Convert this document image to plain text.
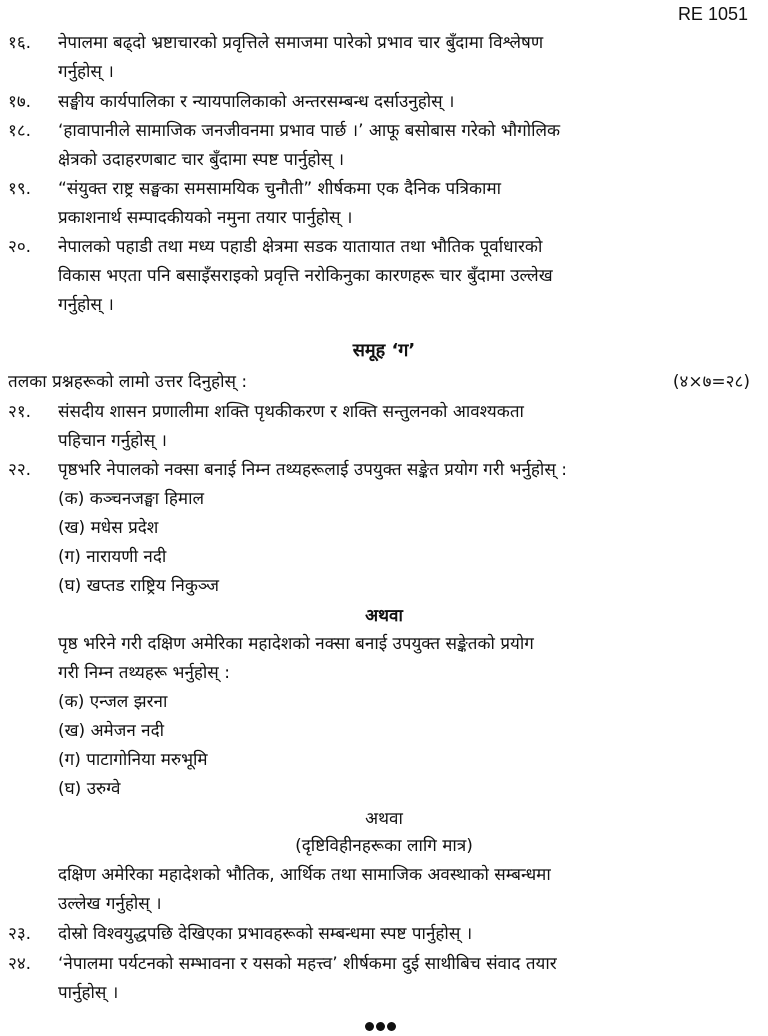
RE 1051
१६.	नेपालमा बढ्दो भ्रष्टाचारको प्रवृत्तिले समाजमा पारेको प्रभाव चार बुँदामा विश्लेषण
गर्नुहोस् ।
१७.	सङ्घीय कार्यपालिका र न्यायपालिकाको अन्तरसम्बन्ध दर्साउनुहोस् ।
१८.	‘हावापानीले सामाजिक जनजीवनमा प्रभाव पार्छ ।’ आफू बसोबास गरेको भौगोलिक
क्षेत्रको उदाहरणबाट चार बुँदामा स्पष्ट पार्नुहोस् ।
१९.	“संयुक्त राष्ट्र सङ्घका समसामयिक चुनौती” शीर्षकमा एक दैनिक पत्रिकामा
प्रकाशनार्थ सम्पादकीयको नमुना तयार पार्नुहोस् ।
२०.	नेपालको पहाडी तथा मध्य पहाडी क्षेत्रमा सडक यातायात तथा भौतिक पूर्वाधारको
विकास भएता पनि बसाइँसराइको प्रवृत्ति नरोकिनुका कारणहरू चार बुँदामा उल्लेख
गर्नुहोस् ।
समूह ‘ग’
तलका प्रश्नहरूको लामो उत्तर दिनुहोस् :	(४×७=२८)
२१.	संसदीय शासन प्रणालीमा शक्ति पृथकीकरण र शक्ति सन्तुलनको आवश्यकता
पहिचान गर्नुहोस् ।
२२.	पृष्ठभरि नेपालको नक्सा बनाई निम्न तथ्यहरूलाई उपयुक्त सङ्केत प्रयोग गरी भर्नुहोस् :
(क) कञ्चनजङ्घा हिमाल
(ख) मधेस प्रदेश
(ग) नारायणी नदी
(घ) खप्तड राष्ट्रिय निकुञ्ज
अथवा
पृष्ठ भरिने गरी दक्षिण अमेरिका महादेशको नक्सा बनाई उपयुक्त सङ्केतको प्रयोग
गरी निम्न तथ्यहरू भर्नुहोस् :
(क) एन्जल झरना
(ख) अमेजन नदी
(ग) पाटागोनिया मरुभूमि
(घ) उरुग्वे
अथवा
(दृष्टिविहीनहरूका लागि मात्र)
दक्षिण अमेरिका महादेशको भौतिक, आर्थिक तथा सामाजिक अवस्थाको सम्बन्धमा
उल्लेख गर्नुहोस् ।
२३.	दोस्रो विश्वयुद्धपछि देखिएका प्रभावहरूको सम्बन्धमा स्पष्ट पार्नुहोस् ।
२४.	‘नेपालमा पर्यटनको सम्भावना र यसको महत्त्व’ शीर्षकमा दुई साथीबिच संवाद तयार
पार्नुहोस् ।
